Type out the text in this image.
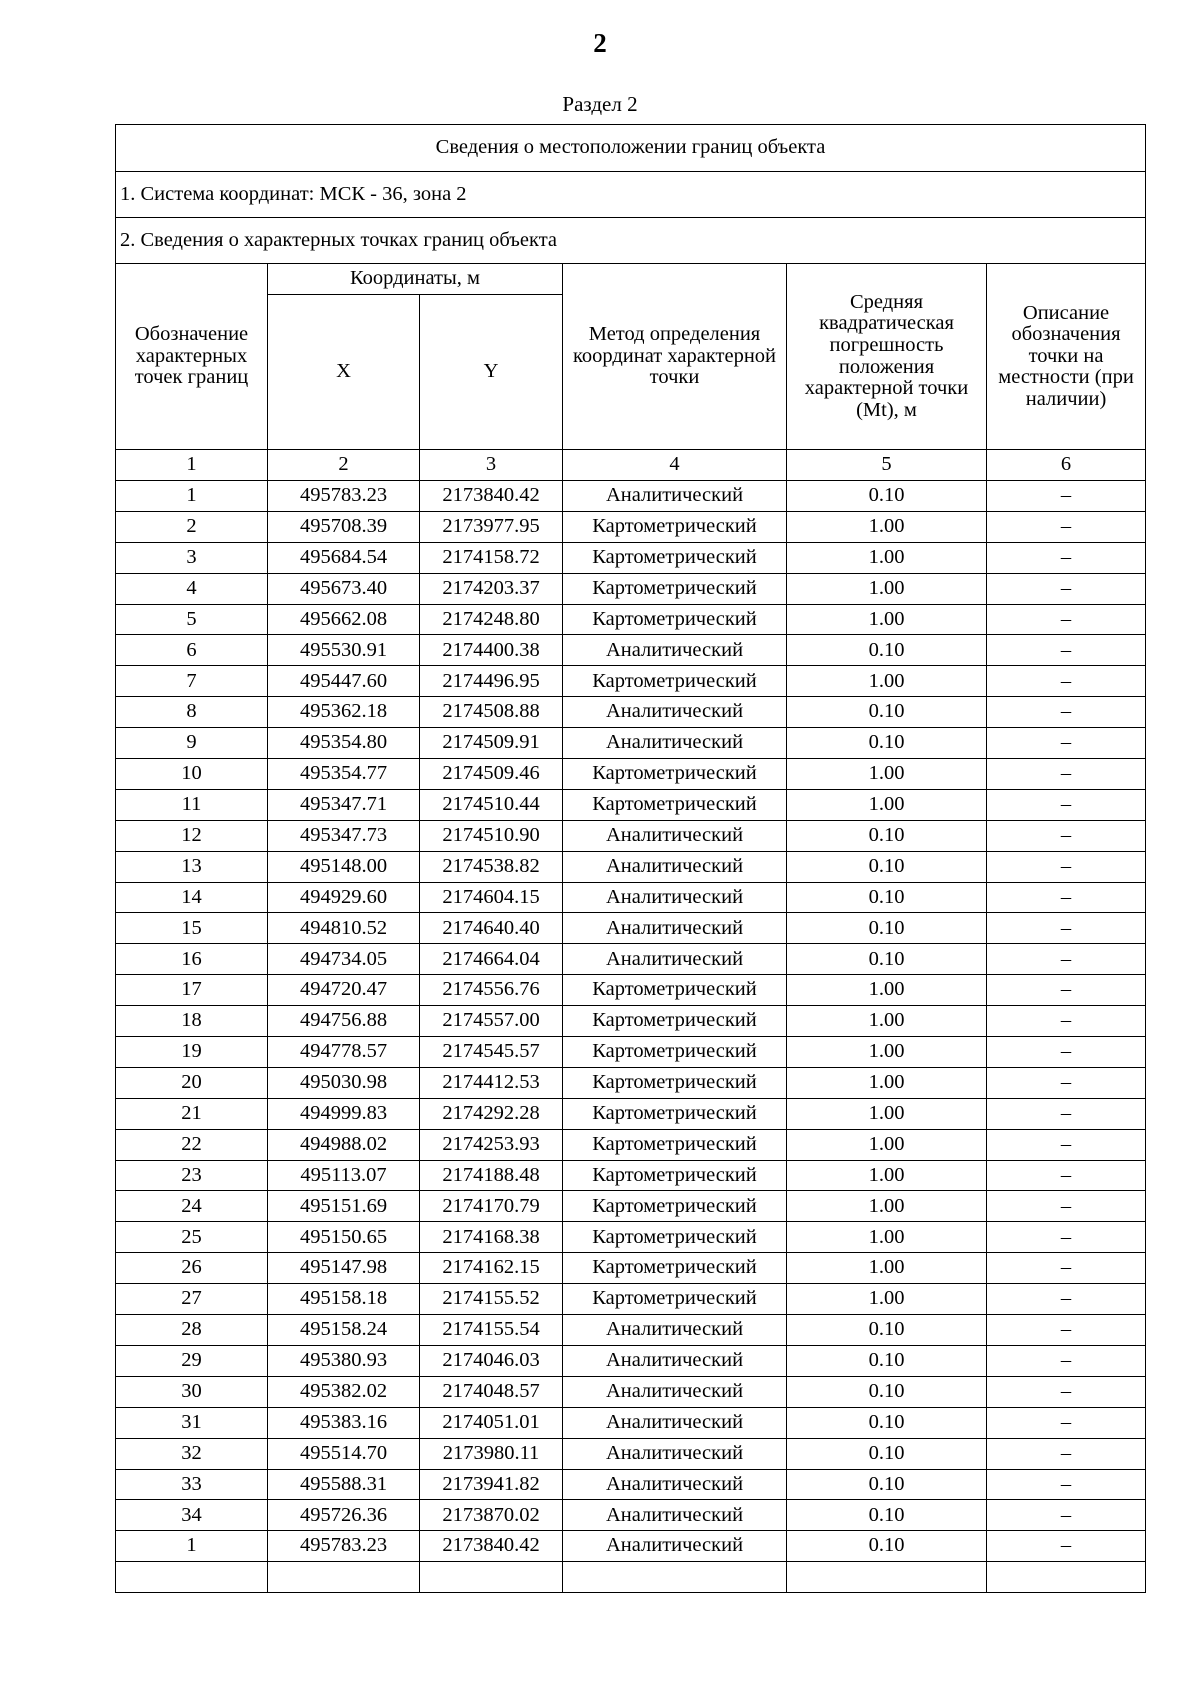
2
Раздел 2
Сведения о местоположении границ объекта					
1. Система координат: МСК - 36, зона 2					
2. Сведения о характерных точках границ объекта					
Обозначение характерных точек границ	Координаты, м		Метод определения координат характерной точки	Средняя квадратическая погрешность положения характерной точки (Mt), м	Описание обозначения точки на местности (при наличии)
	X	Y			
1	2	3	4	5	6
1	495783.23	2173840.42	Аналитический	0.10	–
2	495708.39	2173977.95	Картометрический	1.00	–
3	495684.54	2174158.72	Картометрический	1.00	–
4	495673.40	2174203.37	Картометрический	1.00	–
5	495662.08	2174248.80	Картометрический	1.00	–
6	495530.91	2174400.38	Аналитический	0.10	–
7	495447.60	2174496.95	Картометрический	1.00	–
8	495362.18	2174508.88	Аналитический	0.10	–
9	495354.80	2174509.91	Аналитический	0.10	–
10	495354.77	2174509.46	Картометрический	1.00	–
11	495347.71	2174510.44	Картометрический	1.00	–
12	495347.73	2174510.90	Аналитический	0.10	–
13	495148.00	2174538.82	Аналитический	0.10	–
14	494929.60	2174604.15	Аналитический	0.10	–
15	494810.52	2174640.40	Аналитический	0.10	–
16	494734.05	2174664.04	Аналитический	0.10	–
17	494720.47	2174556.76	Картометрический	1.00	–
18	494756.88	2174557.00	Картометрический	1.00	–
19	494778.57	2174545.57	Картометрический	1.00	–
20	495030.98	2174412.53	Картометрический	1.00	–
21	494999.83	2174292.28	Картометрический	1.00	–
22	494988.02	2174253.93	Картометрический	1.00	–
23	495113.07	2174188.48	Картометрический	1.00	–
24	495151.69	2174170.79	Картометрический	1.00	–
25	495150.65	2174168.38	Картометрический	1.00	–
26	495147.98	2174162.15	Картометрический	1.00	–
27	495158.18	2174155.52	Картометрический	1.00	–
28	495158.24	2174155.54	Аналитический	0.10	–
29	495380.93	2174046.03	Аналитический	0.10	–
30	495382.02	2174048.57	Аналитический	0.10	–
31	495383.16	2174051.01	Аналитический	0.10	–
32	495514.70	2173980.11	Аналитический	0.10	–
33	495588.31	2173941.82	Аналитический	0.10	–
34	495726.36	2173870.02	Аналитический	0.10	–
1	495783.23	2173840.42	Аналитический	0.10	–
